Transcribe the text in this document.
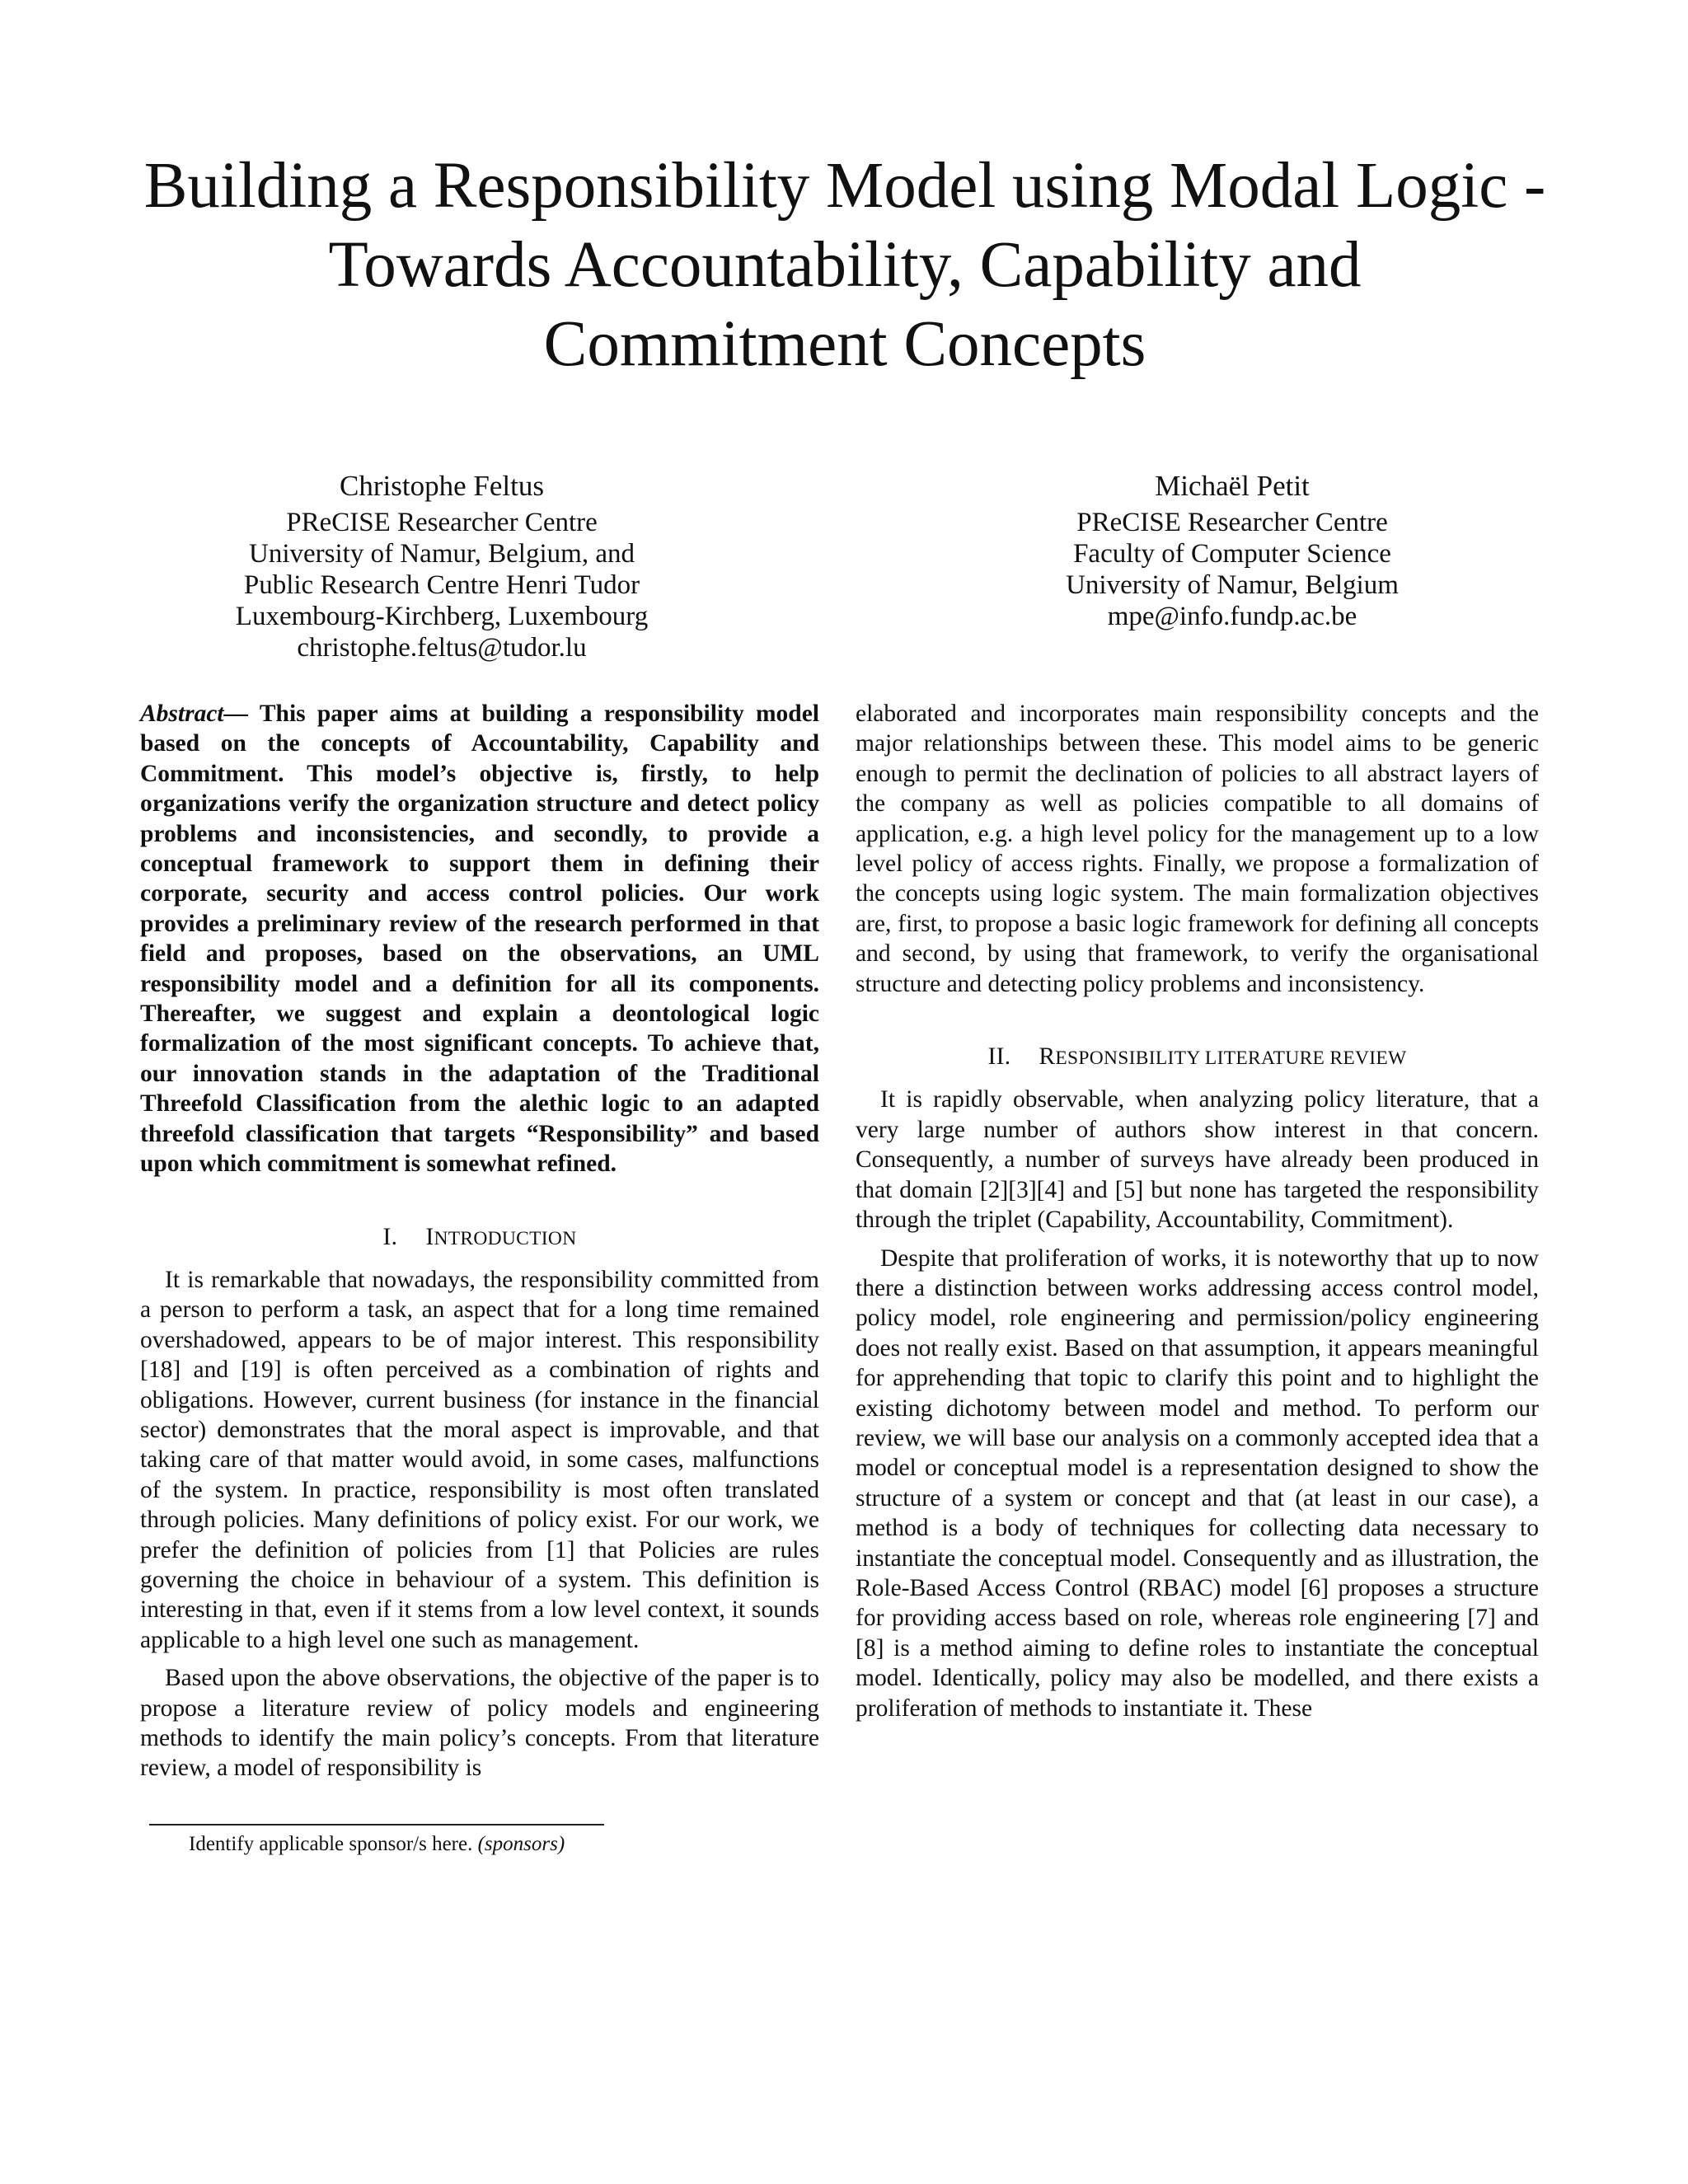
Building a Responsibility Model using Modal Logic -
Towards Accountability, Capability and
Commitment Concepts
Christophe Feltus
PReCISE Researcher Centre
University of Namur, Belgium, and
Public Research Centre Henri Tudor
Luxembourg-Kirchberg, Luxembourg
christophe.feltus@tudor.lu
Michaël Petit
PReCISE Researcher Centre
Faculty of Computer Science
University of Namur, Belgium
mpe@info.fundp.ac.be

Abstract— This paper aims at building a responsibility model based on the concepts of Accountability, Capability and Commitment. This model’s objective is, firstly, to help organizations verify the organization structure and detect policy problems and inconsistencies, and secondly, to provide a conceptual framework to support them in defining their corporate, security and access control policies. Our work provides a preliminary review of the research performed in that field and proposes, based on the observations, an UML responsibility model and a definition for all its components. Thereafter, we suggest and explain a deontological logic formalization of the most significant concepts. To achieve that, our innovation stands in the adaptation of the Traditional Threefold Classification from the alethic logic to an adapted threefold classification that targets “Responsibility” and based upon which commitment is somewhat refined.

I. INTRODUCTION

It is remarkable that nowadays, the responsibility committed from a person to perform a task, an aspect that for a long time remained overshadowed, appears to be of major interest. This responsibility [18] and [19] is often perceived as a combination of rights and obligations. However, current business (for instance in the financial sector) demonstrates that the moral aspect is improvable, and that taking care of that matter would avoid, in some cases, malfunctions of the system. In practice, responsibility is most often translated through policies. Many definitions of policy exist. For our work, we prefer the definition of policies from [1] that Policies are rules governing the choice in behaviour of a system. This definition is interesting in that, even if it stems from a low level context, it sounds applicable to a high level one such as management.

Based upon the above observations, the objective of the paper is to propose a literature review of policy models and engineering methods to identify the main policy’s concepts. From that literature review, a model of responsibility is

elaborated and incorporates main responsibility concepts and the major relationships between these. This model aims to be generic enough to permit the declination of policies to all abstract layers of the company as well as policies compatible to all domains of application, e.g. a high level policy for the management up to a low level policy of access rights. Finally, we propose a formalization of the concepts using logic system. The main formalization objectives are, first, to propose a basic logic framework for defining all concepts and second, by using that framework, to verify the organisational structure and detecting policy problems and inconsistency.

II. RESPONSIBILITY LITERATURE REVIEW

It is rapidly observable, when analyzing policy literature, that a very large number of authors show interest in that concern. Consequently, a number of surveys have already been produced in that domain [2][3][4] and [5] but none has targeted the responsibility through the triplet (Capability, Accountability, Commitment).

Despite that proliferation of works, it is noteworthy that up to now there a distinction between works addressing access control model, policy model, role engineering and permission/policy engineering does not really exist. Based on that assumption, it appears meaningful for apprehending that topic to clarify this point and to highlight the existing dichotomy between model and method. To perform our review, we will base our analysis on a commonly accepted idea that a model or conceptual model is a representation designed to show the structure of a system or concept and that (at least in our case), a method is a body of techniques for collecting data necessary to instantiate the conceptual model. Consequently and as illustration, the Role-Based Access Control (RBAC) model [6] proposes a structure for providing access based on role, whereas role engineering [7] and [8] is a method aiming to define roles to instantiate the conceptual model. Identically, policy may also be modelled, and there exists a proliferation of methods to instantiate it. These

Identify applicable sponsor/s here. (sponsors)
